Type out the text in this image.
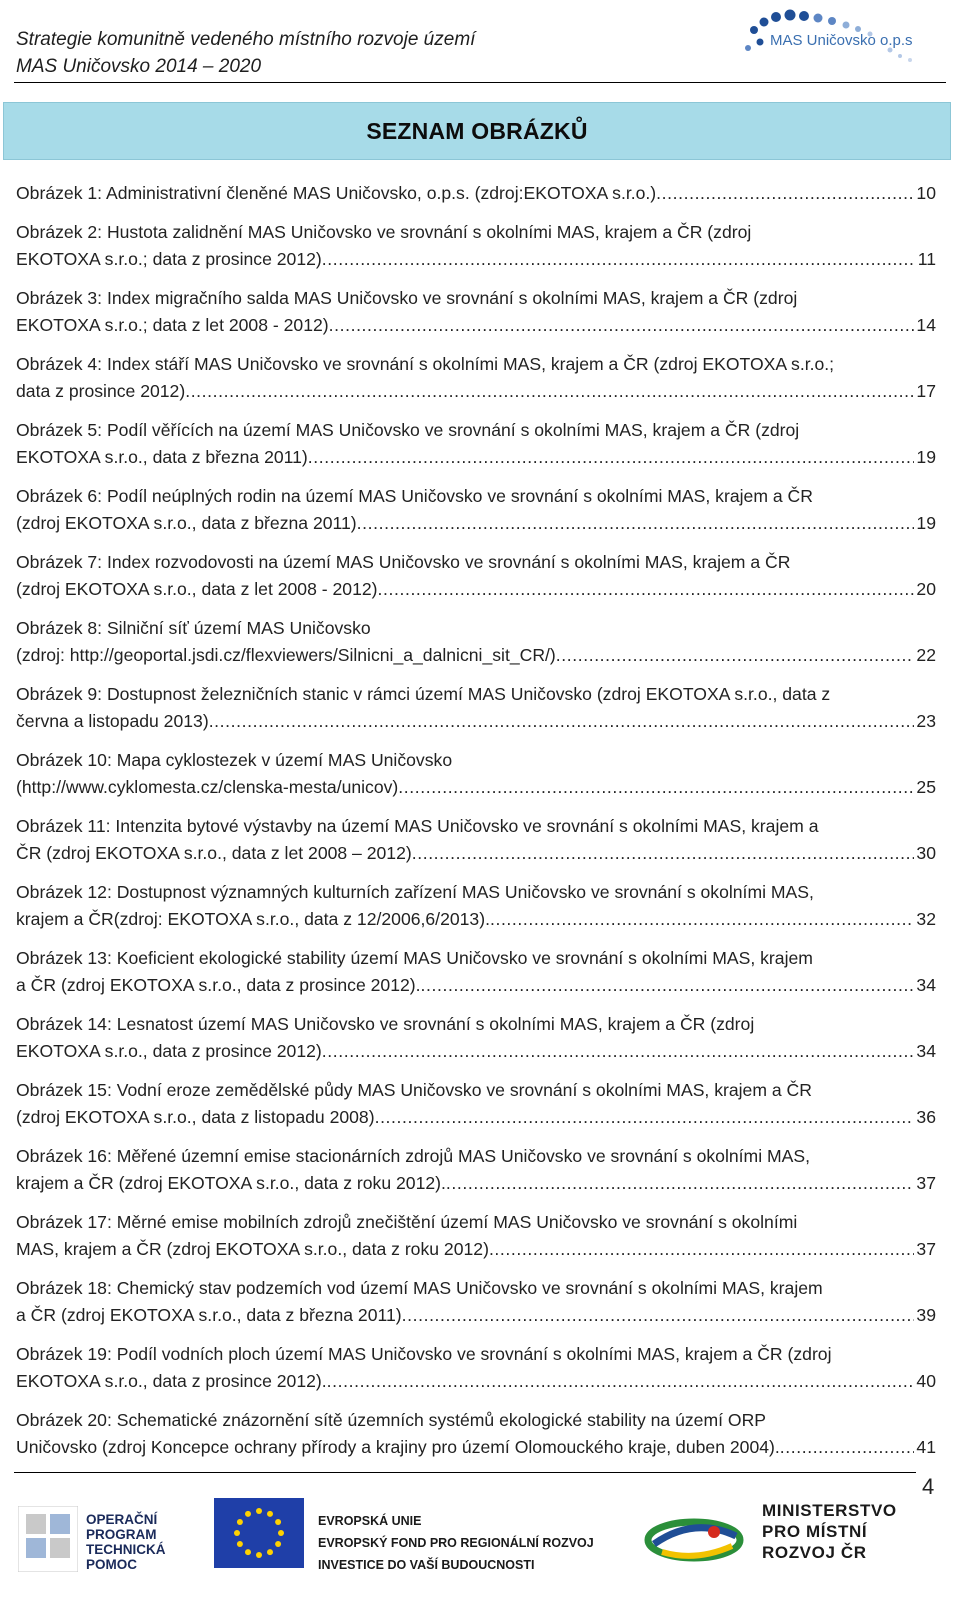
Strategie komunitně vedeného místního rozvoje území
MAS Uničovsko 2014 – 2020
MAS Uničovsko o.p.s
SEZNAM OBRÁZKŮ
Obrázek 1: Administrativní členěné MAS Uničovsko, o.p.s. (zdroj:EKOTOXA s.r.o.) .....	10
Obrázek 2: Hustota zalidnění MAS Uničovsko ve srovnání s okolními MAS, krajem a ČR (zdroj
EKOTOXA s.r.o.; data z prosince 2012) .....	11
Obrázek 3: Index migračního salda MAS Uničovsko ve srovnání s okolními MAS, krajem a ČR (zdroj
EKOTOXA s.r.o.; data z let 2008 - 2012) .....	14
Obrázek 4: Index stáří MAS Uničovsko ve srovnání s okolními MAS, krajem a ČR (zdroj EKOTOXA s.r.o.;
data z prosince 2012) .....	17
Obrázek 5: Podíl věřících na území MAS Uničovsko ve srovnání s okolními MAS, krajem a ČR (zdroj
EKOTOXA s.r.o., data z března 2011) .....	19
Obrázek 6: Podíl neúplných rodin na území MAS Uničovsko ve srovnání s okolními MAS, krajem a ČR
(zdroj EKOTOXA s.r.o., data z března 2011) .....	19
Obrázek 7: Index rozvodovosti na území MAS Uničovsko ve srovnání s okolními MAS, krajem a ČR
(zdroj EKOTOXA s.r.o., data z let 2008 - 2012) .....	20
Obrázek 8: Silniční síť území MAS Uničovsko
(zdroj: http://geoportal.jsdi.cz/flexviewers/Silnicni_a_dalnicni_sit_CR/) .....	22
Obrázek 9: Dostupnost železničních stanic v rámci území MAS Uničovsko (zdroj EKOTOXA s.r.o., data z
června a listopadu 2013) .....	23
Obrázek 10: Mapa cyklostezek v území MAS Uničovsko
(http://www.cyklomesta.cz/clenska-mesta/unicov) .....	25
Obrázek 11: Intenzita bytové výstavby na území MAS Uničovsko ve srovnání s okolními MAS, krajem a
ČR (zdroj EKOTOXA s.r.o., data z let 2008 – 2012) .....	30
Obrázek 12: Dostupnost významných kulturních zařízení MAS Uničovsko ve srovnání s okolními MAS,
krajem a ČR(zdroj: EKOTOXA s.r.o., data z 12/2006,6/2013). .....	32
Obrázek 13: Koeficient ekologické stability území MAS Uničovsko ve srovnání s okolními MAS, krajem
a ČR (zdroj EKOTOXA s.r.o., data z prosince 2012). .....	34
Obrázek 14: Lesnatost území MAS Uničovsko ve srovnání s okolními MAS, krajem a ČR (zdroj
EKOTOXA s.r.o., data z prosince 2012) .....	34
Obrázek 15: Vodní eroze zemědělské půdy MAS Uničovsko ve srovnání s okolními MAS, krajem a ČR
(zdroj EKOTOXA s.r.o., data z listopadu 2008) .....	36
Obrázek 16: Měřené územní emise stacionárních zdrojů MAS Uničovsko ve srovnání s okolními MAS,
krajem a ČR (zdroj EKOTOXA s.r.o., data z roku 2012). .....	37
Obrázek 17: Měrné emise mobilních zdrojů znečištění území MAS Uničovsko ve srovnání s okolními
MAS, krajem a ČR (zdroj EKOTOXA s.r.o., data z roku 2012) .....	37
Obrázek 18: Chemický stav podzemích vod území MAS Uničovsko ve srovnání s okolními MAS, krajem
a ČR (zdroj EKOTOXA s.r.o., data z března 2011) .....	39
Obrázek 19: Podíl vodních ploch území MAS Uničovsko ve srovnání s okolními MAS, krajem a ČR (zdroj
EKOTOXA s.r.o., data z prosince 2012). .....	40
Obrázek 20: Schematické znázornění sítě územních systémů ekologické stability na území ORP
Uničovsko (zdroj Koncepce ochrany přírody a krajiny pro území Olomouckého kraje, duben 2004). .....	41
4
OPERAČNÍ
PROGRAM
TECHNICKÁ
POMOC
EVROPSKÁ UNIE
EVROPSKÝ FOND PRO REGIONÁLNÍ ROZVOJ
INVESTICE DO VAŠÍ BUDOUCNOSTI
MINISTERSTVO
PRO MÍSTNÍ
ROZVOJ ČR
